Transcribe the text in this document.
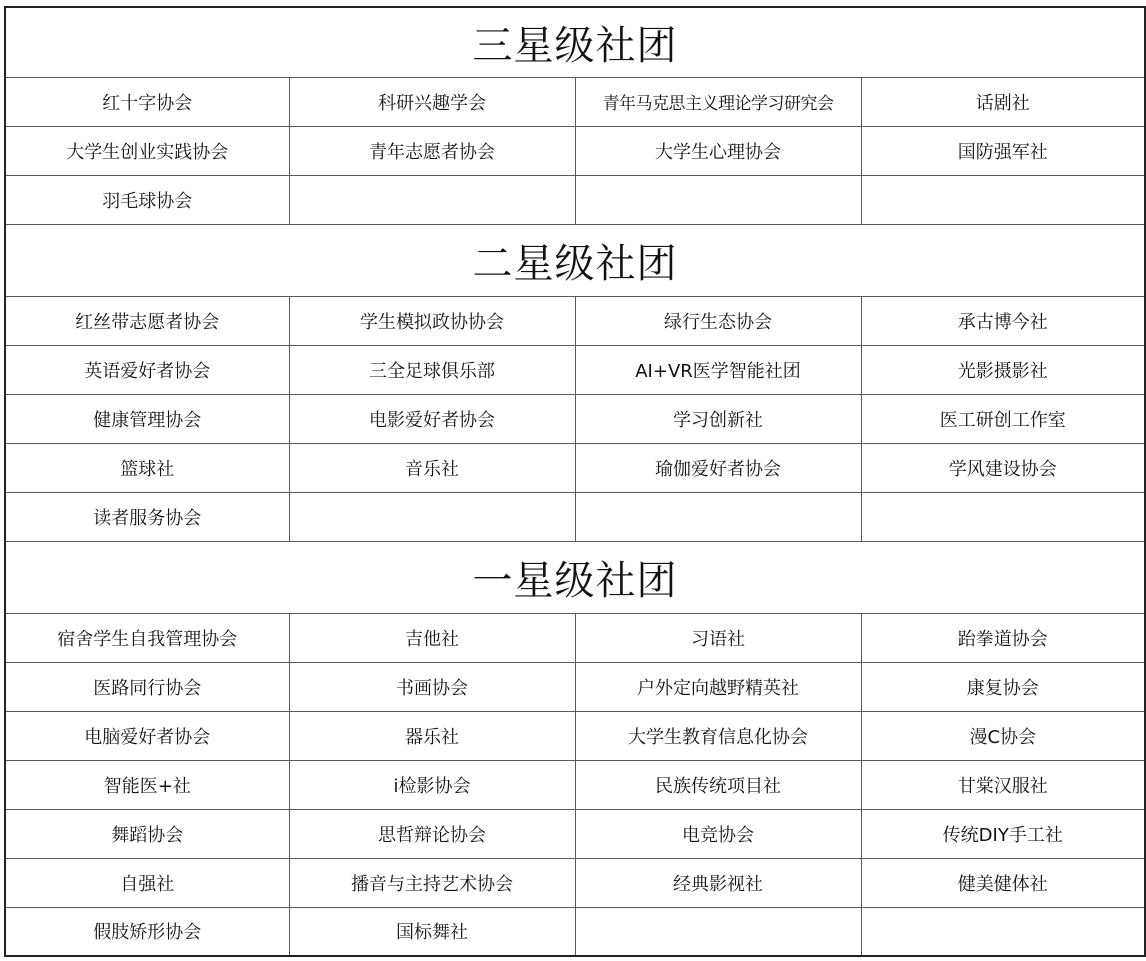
三星级社团			
红十字协会	科研兴趣学会	青年马克思主义理论学习研究会	话剧社
大学生创业实践协会	青年志愿者协会	大学生心理协会	国防强军社
羽毛球协会			
二星级社团			
红丝带志愿者协会	学生模拟政协协会	绿行生态协会	承古博今社
英语爱好者协会	三全足球俱乐部	AI+VR医学智能社团	光影摄影社
健康管理协会	电影爱好者协会	学习创新社	医工研创工作室
篮球社	音乐社	瑜伽爱好者协会	学风建设协会
读者服务协会			
一星级社团			
宿舍学生自我管理协会	吉他社	习语社	跆拳道协会
医路同行协会	书画协会	户外定向越野精英社	康复协会
电脑爱好者协会	器乐社	大学生教育信息化协会	漫C协会
智能医+社	i检影协会	民族传统项目社	甘棠汉服社
舞蹈协会	思哲辩论协会	电竞协会	传统DIY手工社
自强社	播音与主持艺术协会	经典影视社	健美健体社
假肢矫形协会	国标舞社		
